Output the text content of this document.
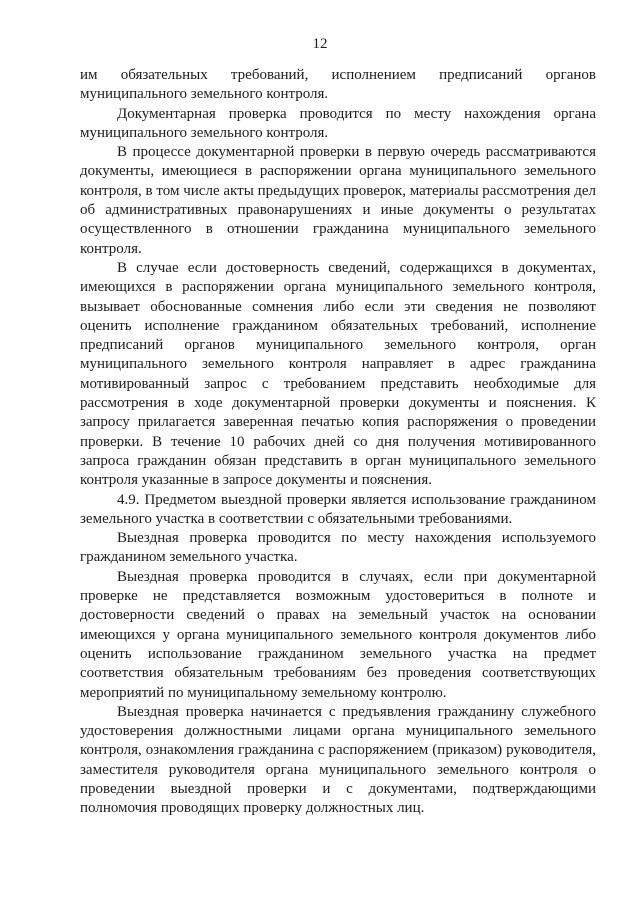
12

им обязательных требований, исполнением предписаний органов муниципального земельного контроля.

Документарная проверка проводится по месту нахождения органа муниципального земельного контроля.

В процессе документарной проверки в первую очередь рассматриваются документы, имеющиеся в распоряжении органа муниципального земельного контроля, в том числе акты предыдущих проверок, материалы рассмотрения дел об административных правонарушениях и иные документы о результатах осуществленного в отношении гражданина муниципального земельного контроля.

В случае если достоверность сведений, содержащихся в документах, имеющихся в распоряжении органа муниципального земельного контроля, вызывает обоснованные сомнения либо если эти сведения не позволяют оценить исполнение гражданином обязательных требований, исполнение предписаний органов муниципального земельного контроля, орган муниципального земельного контроля направляет в адрес гражданина мотивированный запрос с требованием представить необходимые для рассмотрения в ходе документарной проверки документы и пояснения. К запросу прилагается заверенная печатью копия распоряжения о проведении проверки. В течение 10 рабочих дней со дня получения мотивированного запроса гражданин обязан представить в орган муниципального земельного контроля указанные в запросе документы и пояснения.

4.9. Предметом выездной проверки является использование гражданином земельного участка в соответствии с обязательными требованиями.

Выездная проверка проводится по месту нахождения используемого гражданином земельного участка.

Выездная проверка проводится в случаях, если при документарной проверке не представляется возможным удостовериться в полноте и достоверности сведений о правах на земельный участок на основании имеющихся у органа муниципального земельного контроля документов либо оценить использование гражданином земельного участка на предмет соответствия обязательным требованиям без проведения соответствующих мероприятий по муниципальному земельному контролю.

Выездная проверка начинается с предъявления гражданину служебного удостоверения должностными лицами органа муниципального земельного контроля, ознакомления гражданина с распоряжением (приказом) руководителя, заместителя руководителя органа муниципального земельного контроля о проведении выездной проверки и с документами, подтверждающими полномочия проводящих проверку должностных лиц.
